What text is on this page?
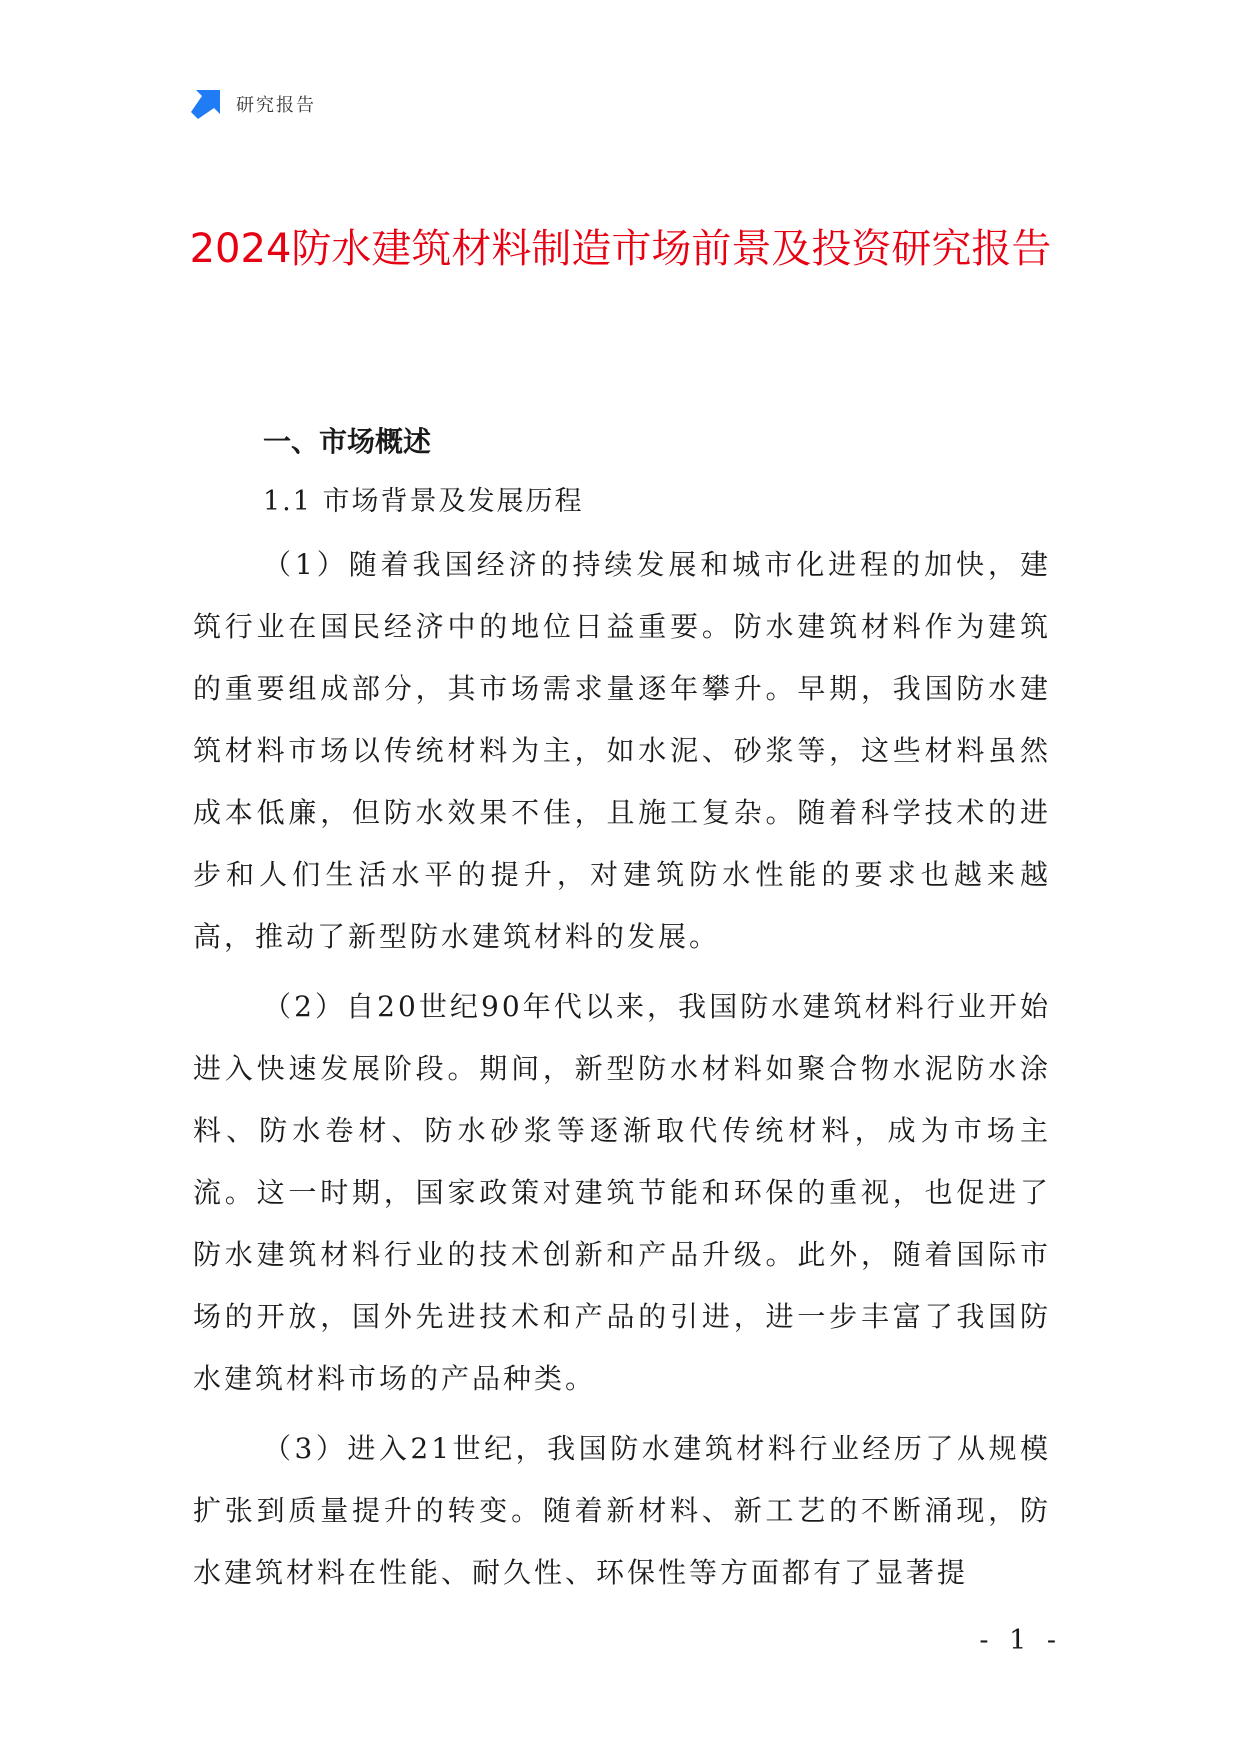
研究报告
2024防水建筑材料制造市场前景及投资研究报告
一、市场概述
1.1 市场背景及发展历程

（1）随着我国经济的持续发展和城市化进程的加快，建筑行业在国民经济中的地位日益重要。防水建筑材料作为建筑的重要组成部分，其市场需求量逐年攀升。早期，我国防水建筑材料市场以传统材料为主，如水泥、砂浆等，这些材料虽然成本低廉，但防水效果不佳，且施工复杂。随着科学技术的进步和人们生活水平的提升，对建筑防水性能的要求也越来越高，推动了新型防水建筑材料的发展。

（2）自20世纪90年代以来，我国防水建筑材料行业开始进入快速发展阶段。期间，新型防水材料如聚合物水泥防水涂料、防水卷材、防水砂浆等逐渐取代传统材料，成为市场主流。这一时期，国家政策对建筑节能和环保的重视，也促进了防水建筑材料行业的技术创新和产品升级。此外，随着国际市场的开放，国外先进技术和产品的引进，进一步丰富了我国防水建筑材料市场的产品种类。

（3）进入21世纪，我国防水建筑材料行业经历了从规模扩张到质量提升的转变。随着新材料、新工艺的不断涌现，防水建筑材料在性能、耐久性、环保性等方面都有了显著提

- 1 -
